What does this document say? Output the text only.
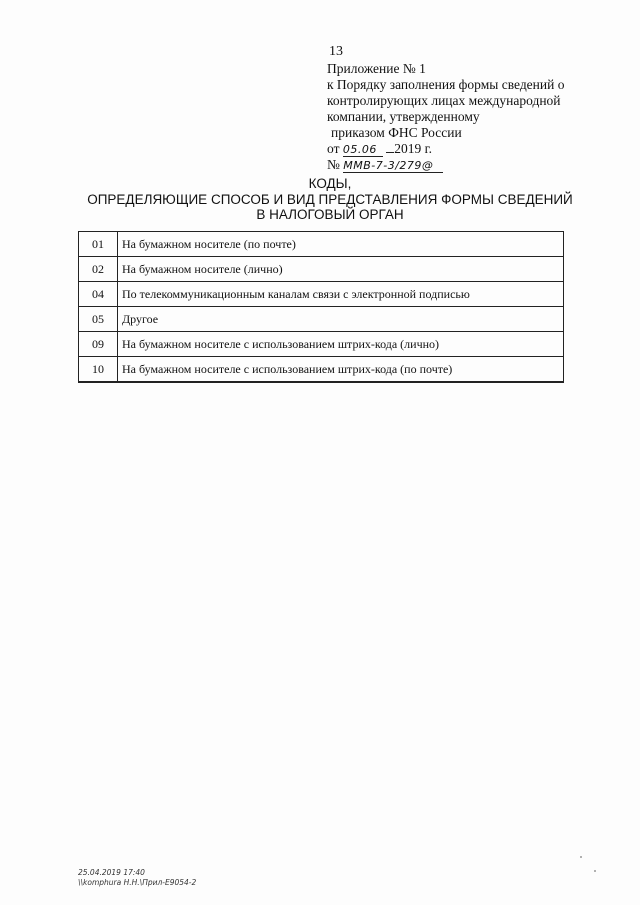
13
Приложение № 1
к Порядку заполнения формы сведений о
контролирующих лицах международной
компании, утвержденному
приказом ФНС России
от 05.06 2019 г.
№ ММВ-7-3/279@
КОДЫ,
ОПРЕДЕЛЯЮЩИЕ СПОСОБ И ВИД ПРЕДСТАВЛЕНИЯ ФОРМЫ СВЕДЕНИЙ
В НАЛОГОВЫЙ ОРГАН
01	На бумажном носителе (по почте)
02	На бумажном носителе (лично)
04	По телекоммуникационным каналам связи с электронной подписью
05	Другое
09	На бумажном носителе с использованием штрих-кода (лично)
10	На бумажном носителе с использованием штрих-кода (по почте)
25.04.2019 17:40
\\komphura Н.Н.\Прил-Е9054-2
